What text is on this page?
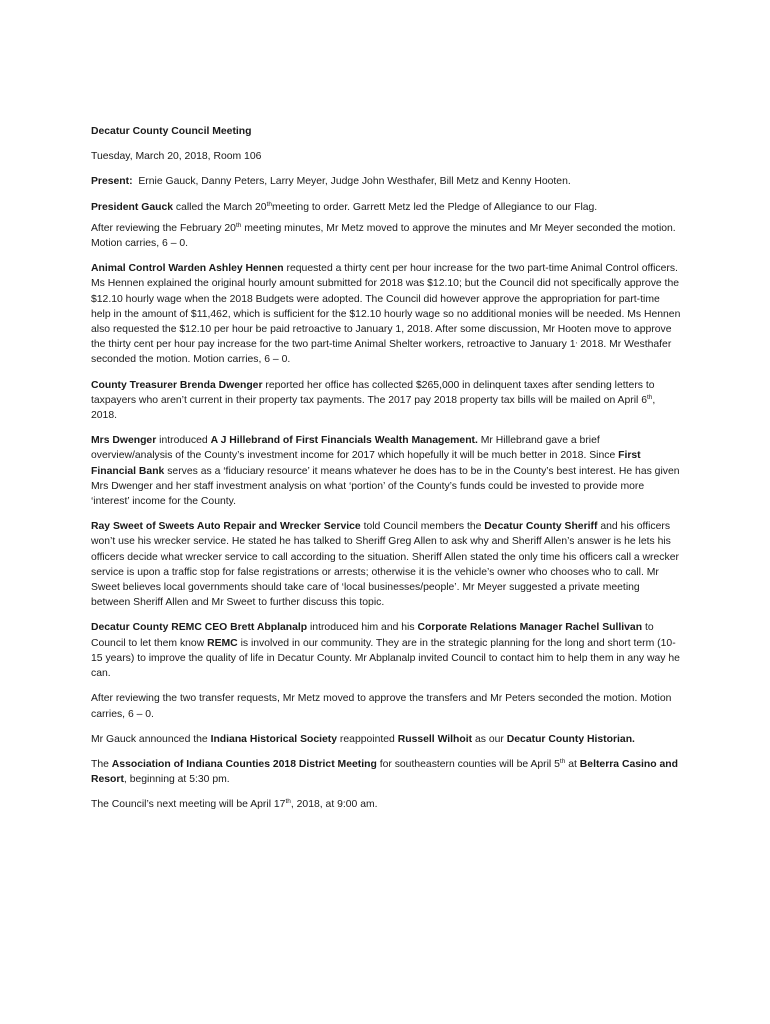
Decatur County Council Meeting

Tuesday, March 20, 2018, Room 106

Present: Ernie Gauck, Danny Peters, Larry Meyer, Judge John Westhafer, Bill Metz and Kenny Hooten.

President Gauck called the March 20thmeeting to order. Garrett Metz led the Pledge of Allegiance to our Flag.

After reviewing the February 20th meeting minutes, Mr Metz moved to approve the minutes and Mr Meyer seconded the motion. Motion carries, 6 – 0.

Animal Control Warden Ashley Hennen requested a thirty cent per hour increase for the two part-time Animal Control officers. Ms Hennen explained the original hourly amount submitted for 2018 was $12.10; but the Council did not specifically approve the $12.10 hourly wage when the 2018 Budgets were adopted. The Council did however approve the appropriation for part-time help in the amount of $11,462, which is sufficient for the $12.10 hourly wage so no additional monies will be needed. Ms Hennen also requested the $12.10 per hour be paid retroactive to January 1, 2018. After some discussion, Mr Hooten move to approve the thirty cent per hour pay increase for the two part-time Animal Shelter workers, retroactive to January 1, 2018. Mr Westhafer seconded the motion. Motion carries, 6 – 0.

County Treasurer Brenda Dwenger reported her office has collected $265,000 in delinquent taxes after sending letters to taxpayers who aren’t current in their property tax payments. The 2017 pay 2018 property tax bills will be mailed on April 6th, 2018.

Mrs Dwenger introduced A J Hillebrand of First Financials Wealth Management. Mr Hillebrand gave a brief overview/analysis of the County’s investment income for 2017 which hopefully it will be much better in 2018. Since First Financial Bank serves as a ‘fiduciary resource’ it means whatever he does has to be in the County’s best interest. He has given Mrs Dwenger and her staff investment analysis on what ‘portion’ of the County’s funds could be invested to provide more ‘interest’ income for the County.

Ray Sweet of Sweets Auto Repair and Wrecker Service told Council members the Decatur County Sheriff and his officers won’t use his wrecker service. He stated he has talked to Sheriff Greg Allen to ask why and Sheriff Allen’s answer is he lets his officers decide what wrecker service to call according to the situation. Sheriff Allen stated the only time his officers call a wrecker service is upon a traffic stop for false registrations or arrests; otherwise it is the vehicle’s owner who chooses who to call. Mr Sweet believes local governments should take care of ‘local businesses/people’. Mr Meyer suggested a private meeting between Sheriff Allen and Mr Sweet to further discuss this topic.

Decatur County REMC CEO Brett Abplanalp introduced him and his Corporate Relations Manager Rachel Sullivan to Council to let them know REMC is involved in our community. They are in the strategic planning for the long and short term (10-15 years) to improve the quality of life in Decatur County. Mr Abplanalp invited Council to contact him to help them in any way he can.

After reviewing the two transfer requests, Mr Metz moved to approve the transfers and Mr Peters seconded the motion. Motion carries, 6 – 0.

Mr Gauck announced the Indiana Historical Society reappointed Russell Wilhoit as our Decatur County Historian.

The Association of Indiana Counties 2018 District Meeting for southeastern counties will be April 5th at Belterra Casino and Resort, beginning at 5:30 pm.

The Council’s next meeting will be April 17th, 2018, at 9:00 am.
